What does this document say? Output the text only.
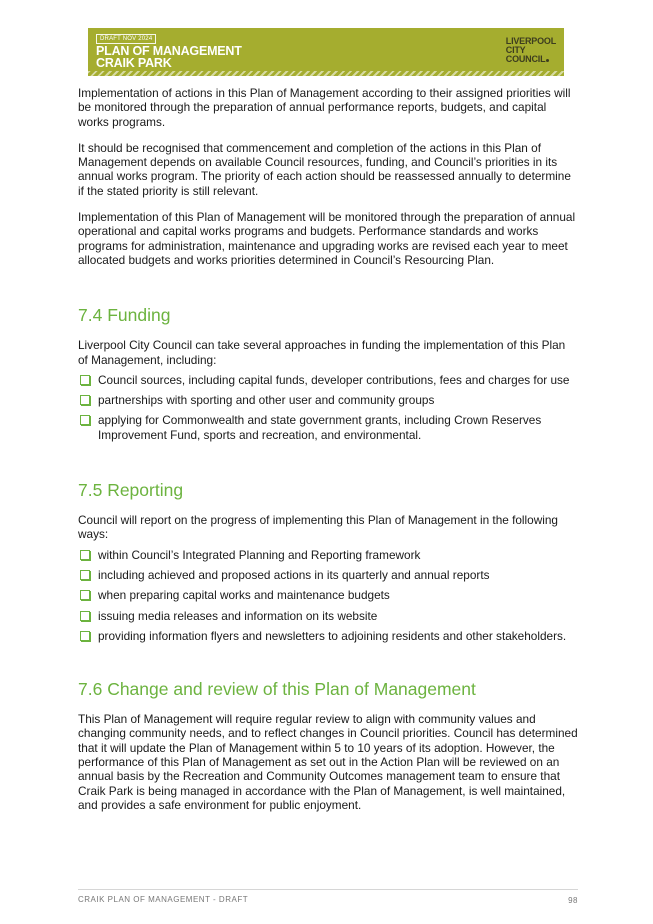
DRAFT NOV 2024
PLAN OF MANAGEMENT
CRAIK PARK
LIVERPOOL
CITY
COUNCIL

Implementation of actions in this Plan of Management according to their assigned priorities will be monitored through the preparation of annual performance reports, budgets, and capital works programs.

It should be recognised that commencement and completion of the actions in this Plan of Management depends on available Council resources, funding, and Council’s priorities in its annual works program. The priority of each action should be reassessed annually to determine if the stated priority is still relevant.

Implementation of this Plan of Management will be monitored through the preparation of annual operational and capital works programs and budgets. Performance standards and works programs for administration, maintenance and upgrading works are revised each year to meet allocated budgets and works priorities determined in Council’s Resourcing Plan.

7.4 Funding

Liverpool City Council can take several approaches in funding the implementation of this Plan of Management, including:

Council sources, including capital funds, developer contributions, fees and charges for use
partnerships with sporting and other user and community groups
applying for Commonwealth and state government grants, including Crown Reserves Improvement Fund, sports and recreation, and environmental.
7.5 Reporting

Council will report on the progress of implementing this Plan of Management in the following ways:

within Council’s Integrated Planning and Reporting framework
including achieved and proposed actions in its quarterly and annual reports
when preparing capital works and maintenance budgets
issuing media releases and information on its website
providing information flyers and newsletters to adjoining residents and other stakeholders.
7.6 Change and review of this Plan of Management

This Plan of Management will require regular review to align with community values and changing community needs, and to reflect changes in Council priorities. Council has determined that it will update the Plan of Management within 5 to 10 years of its adoption. However, the performance of this Plan of Management as set out in the Action Plan will be reviewed on an annual basis by the Recreation and Community Outcomes management team to ensure that Craik Park is being managed in accordance with the Plan of Management, is well maintained, and provides a safe environment for public enjoyment.

CRAIK PLAN OF MANAGEMENT - DRAFT	98
